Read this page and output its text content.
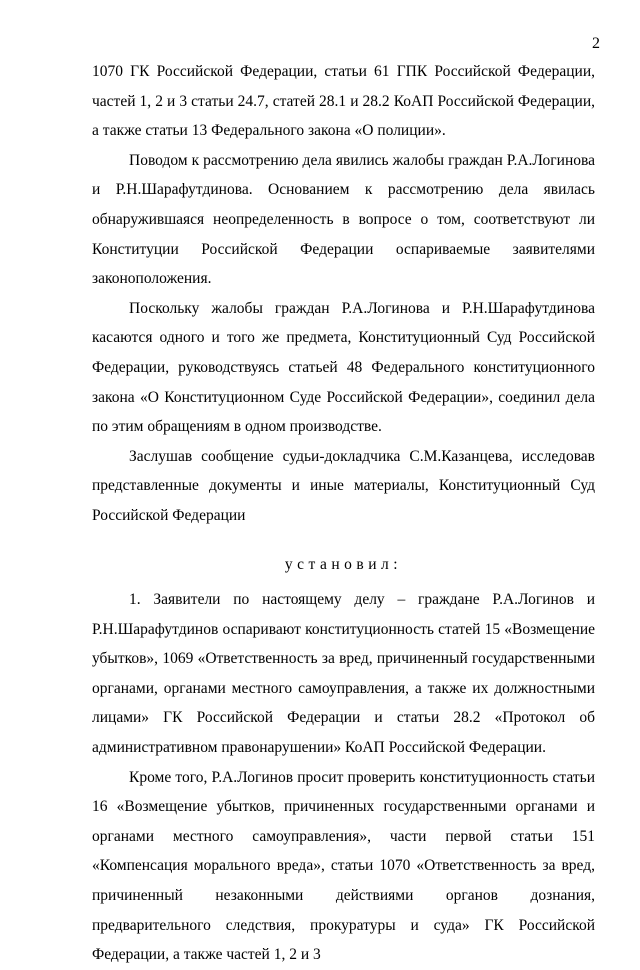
2

1070 ГК Российской Федерации, статьи 61 ГПК Российской Федерации, частей 1, 2 и 3 статьи 24.7, статей 28.1 и 28.2 КоАП Российской Федерации, а также статьи 13 Федерального закона «О полиции».

Поводом к рассмотрению дела явились жалобы граждан Р.А.Логинова и Р.Н.Шарафутдинова. Основанием к рассмотрению дела явилась обнаружившаяся неопределенность в вопросе о том, соответствуют ли Конституции Российской Федерации оспариваемые заявителями законоположения.

Поскольку жалобы граждан Р.А.Логинова и Р.Н.Шарафутдинова касаются одного и того же предмета, Конституционный Суд Российской Федерации, руководствуясь статьей 48 Федерального конституционного закона «О Конституционном Суде Российской Федерации», соединил дела по этим обращениям в одном производстве.

Заслушав сообщение судьи-докладчика С.М.Казанцева, исследовав представленные документы и иные материалы, Конституционный Суд Российской Федерации

установил:

1. Заявители по настоящему делу – граждане Р.А.Логинов и Р.Н.Шарафутдинов оспаривают конституционность статей 15 «Возмещение убытков», 1069 «Ответственность за вред, причиненный государственными органами, органами местного самоуправления, а также их должностными лицами» ГК Российской Федерации и статьи 28.2 «Протокол об административном правонарушении» КоАП Российской Федерации.

Кроме того, Р.А.Логинов просит проверить конституционность статьи 16 «Возмещение убытков, причиненных государственными органами и органами местного самоуправления», части первой статьи 151 «Компенсация морального вреда», статьи 1070 «Ответственность за вред, причиненный незаконными действиями органов дознания, предварительного следствия, прокуратуры и суда» ГК Российской Федерации, а также частей 1, 2 и 3
